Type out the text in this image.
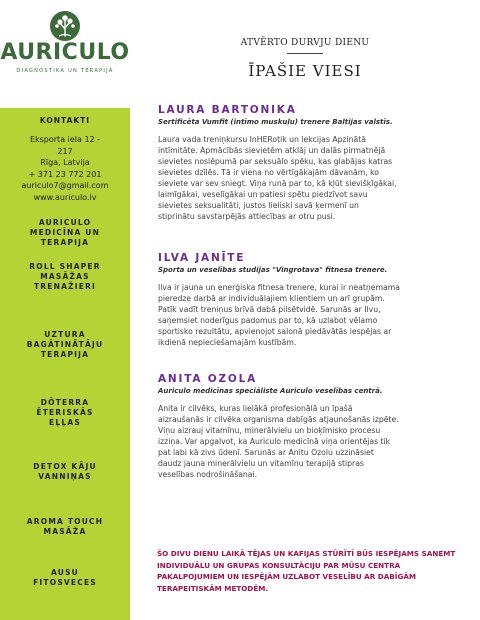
AURICULO
DIAGNOSTIKA UN TERAPIJA
KONTAKTI
Eksporta iela 12 -
217
Rīga, Latvija
+ 371 23 772 201
auriculo7@gmail.com
www.auriculo.lv
AURICULO
MEDICĪNA UN
TERAPIJA
ROLL SHAPER
MASĀŽAS
TRENAŽIERI
UZTURA
BAGĀTINĀTĀJU
TERAPIJA
DŌTERRA
ĒTERISKĀS
EĻĻAS
DETOX KĀJU
VANNIŅAS
AROMA TOUCH
MASĀŽA
AUSU
FITOSVECES
ATVĒRTO DURVJU DIENU
ĪPAŠIE VIESI
LAURA BARTONIKA
Sertificēta Vumfit (intīmo muskuļu) trenere Baltijas valstīs.
Laura vada treniņkursu InHERotik un lekcijas Apzinātā
intīmitāte. Apmācībās sievietēm atklāj un dalās pirmatnējā
sievietes noslēpumā par seksuālo spēku, kas glabājas katras
sievietes dzīlēs. Tā ir viena no vērtīgākajām dāvanām, ko
sieviete var sev sniegt. Viņa runā par to, kā kļūt sievišķīgākai,
laimīgākai, veselīgākai un patiesi spētu piedzīvot savu
sievietes seksualitāti, justos lieliski savā ķermenī un
stiprinātu savstarpējās attiecības ar otru pusi.
ILVA JANĪTE
Sporta un veselības studijas "Vingrotava" fitnesa trenere.
Ilva ir jauna un enerģiska fitnesa trenere, kurai ir neatņemama
pieredze darbā ar individuālajiem klientiem un arī grupām.
Patīk vadīt treniņus brīvā dabā pilsētvidē. Sarunās ar Ilvu,
saņemsiet noderīgus padomus par to, kā uzlabot vēlamo
sportisko rezultātu, apvienojot salonā piedāvātās iespējas ar
ikdienā nepieciešamajām kustībām.
ANITA OZOLA
Auriculo medicīnas speciāliste Auriculo veselības centrā.
Anita ir cilvēks, kuras lielākā profesionālā un īpašā
aizraušanās ir cilvēka organisma dabīgās atjaunošanās izpēte.
Viņu aizrauj vitamīnu, minerālvielu un bioķīmisko procesu
izziņa. Var apgalvot, ka Auriculo medicīnā viņa orientējas tik
pat labi kā zivs ūdenī. Sarunās ar Anitu Ozolu uzzināsiet
daudz jauna minerālvielu un vitamīnu terapijā stipras
veselības nodrošināšanai.
ŠO DIVU DIENU LAIKĀ TĒJAS UN KAFIJAS STŪRĪTĪ BŪS IESPĒJAMS SAŅEMT
INDIVIDUĀLU UN GRUPAS KONSULTĀCIJU PAR MŪSU CENTRA
PAKALPOJUMIEM UN IESPĒJĀM UZLABOT VESELĪBU AR DABĪGĀM
TERAPEITISKĀM METODĒM.
